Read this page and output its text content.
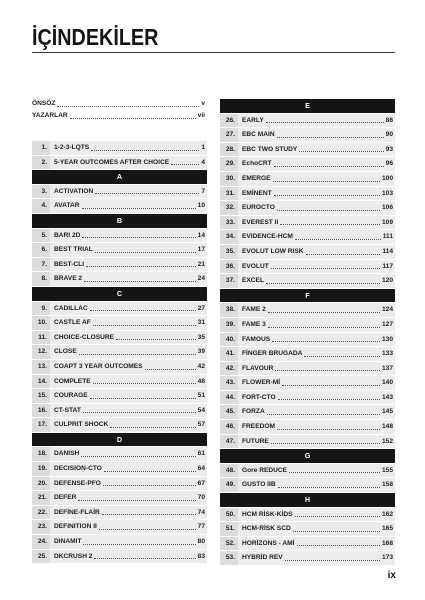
İÇİNDEKİLER
ÖNSÖZ	v
YAZARLAR	vii
1.	1-2-3-LQTS	1
2.	5-YEAR OUTCOMES AFTER CHOICE	4
A
3.	ACTIVATION	7
4.	AVATAR	10
B
5.	BARI 2D	14
6.	BEST TRIAL	17
7.	BEST-CLI	21
8.	BRAVE 2	24
C
9.	CADILLAC	27
10.	CASTLE AF	31
11.	CHOICE-CLOSURE	35
12.	CLOSE	39
13.	COAPT 3 YEAR OUTCOMES	42
14.	COMPLETE	46
15.	COURAGE	51
16.	CT-STAT	54
17.	CULPRIT SHOCK	57
D
18.	DANISH	61
19.	DECISION-CTO	64
20.	DEFENSE-PFO	67
21.	DEFER	70
22.	DEFİNE-FLAİR	74
23.	DEFINITION II	77
24.	DINAMIT	80
25.	DKCRUSH 2	83
E
26.	EARLY	86
27.	EBC MAIN	90
28.	EBC TWO STUDY	93
29.	EchoCRT	96
30.	EMERGE	100
31.	EMİNENT	103
32.	EUROCTO	106
33.	EVEREST II	109
34.	EVIDENCE-HCM	111
35.	EVOLUT LOW RISK	114
36.	EVOLUT	117
37.	EXCEL	120
F
38.	FAME 2	124
39.	FAME 3	127
40.	FAMOUS	130
41.	FİNGER BRUGADA	133
42.	FLAVOUR	137
43.	FLOWER-Mİ	140
44.	FORT-CTO	143
45.	FORZA	145
46.	FREEDOM	148
47.	FUTURE	152
G
48.	Gore REDUCE	155
49.	GUSTO IIB	158
H
50.	HCM RİSK-KİDS	162
51.	HCM-RİSK SCD	165
52.	HORİZONS - AMİ	168
53.	HYBRİD REV	173
ix
